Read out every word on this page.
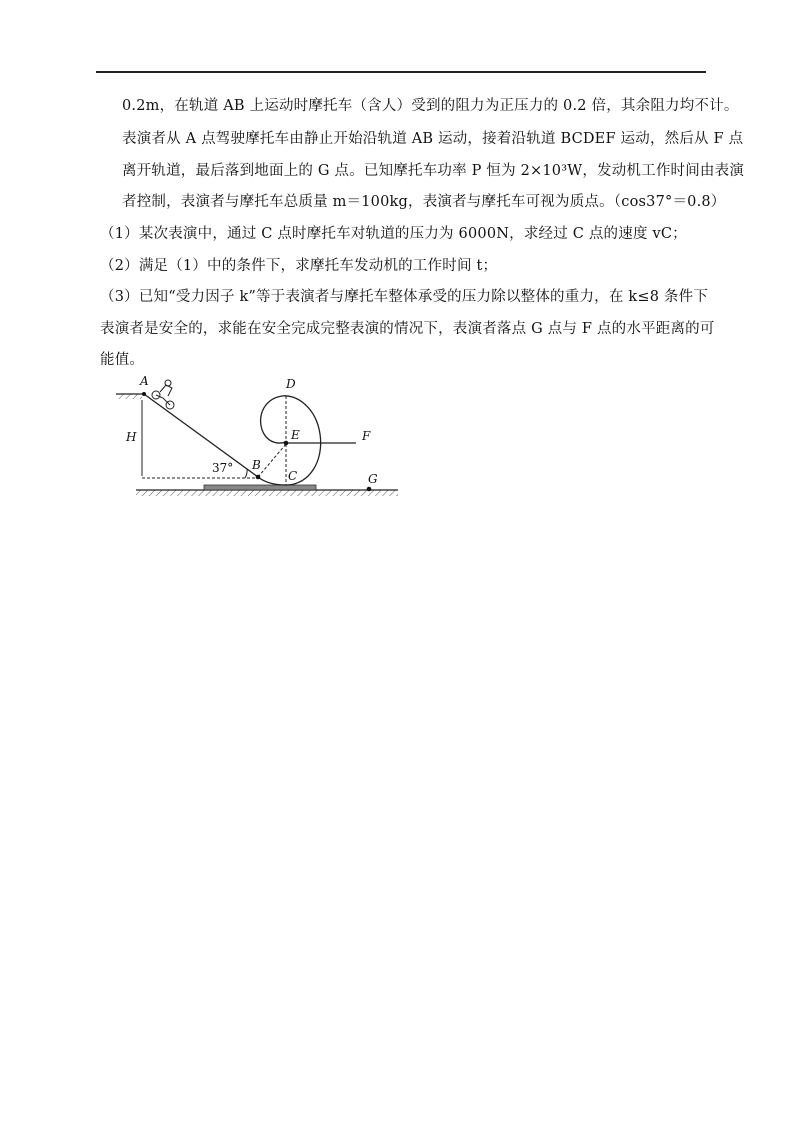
0.2m，在轨道 AB 上运动时摩托车（含人）受到的阻力为正压力的 0.2 倍，其余阻力均不计。
表演者从 A 点驾驶摩托车由静止开始沿轨道 AB 运动，接着沿轨道 BCDEF 运动，然后从 F 点
离开轨道，最后落到地面上的 G 点。已知摩托车功率 P 恒为 2×10³W，发动机工作时间由表演
者控制，表演者与摩托车总质量 m＝100kg，表演者与摩托车可视为质点。（cos37°＝0.8）
（1）某次表演中，通过 C 点时摩托车对轨道的压力为 6000N，求经过 C 点的速度 vC；
（2）满足（1）中的条件下，求摩托车发动机的工作时间 t；
（3）已知“受力因子 k”等于表演者与摩托车整体承受的压力除以整体的重力，在 k≤8 条件下
表演者是安全的，求能在安全完成完整表演的情况下，表演者落点 G 点与 F 点的水平距离的可
能值。
A
B
C
D
E	F
G
H
37°
